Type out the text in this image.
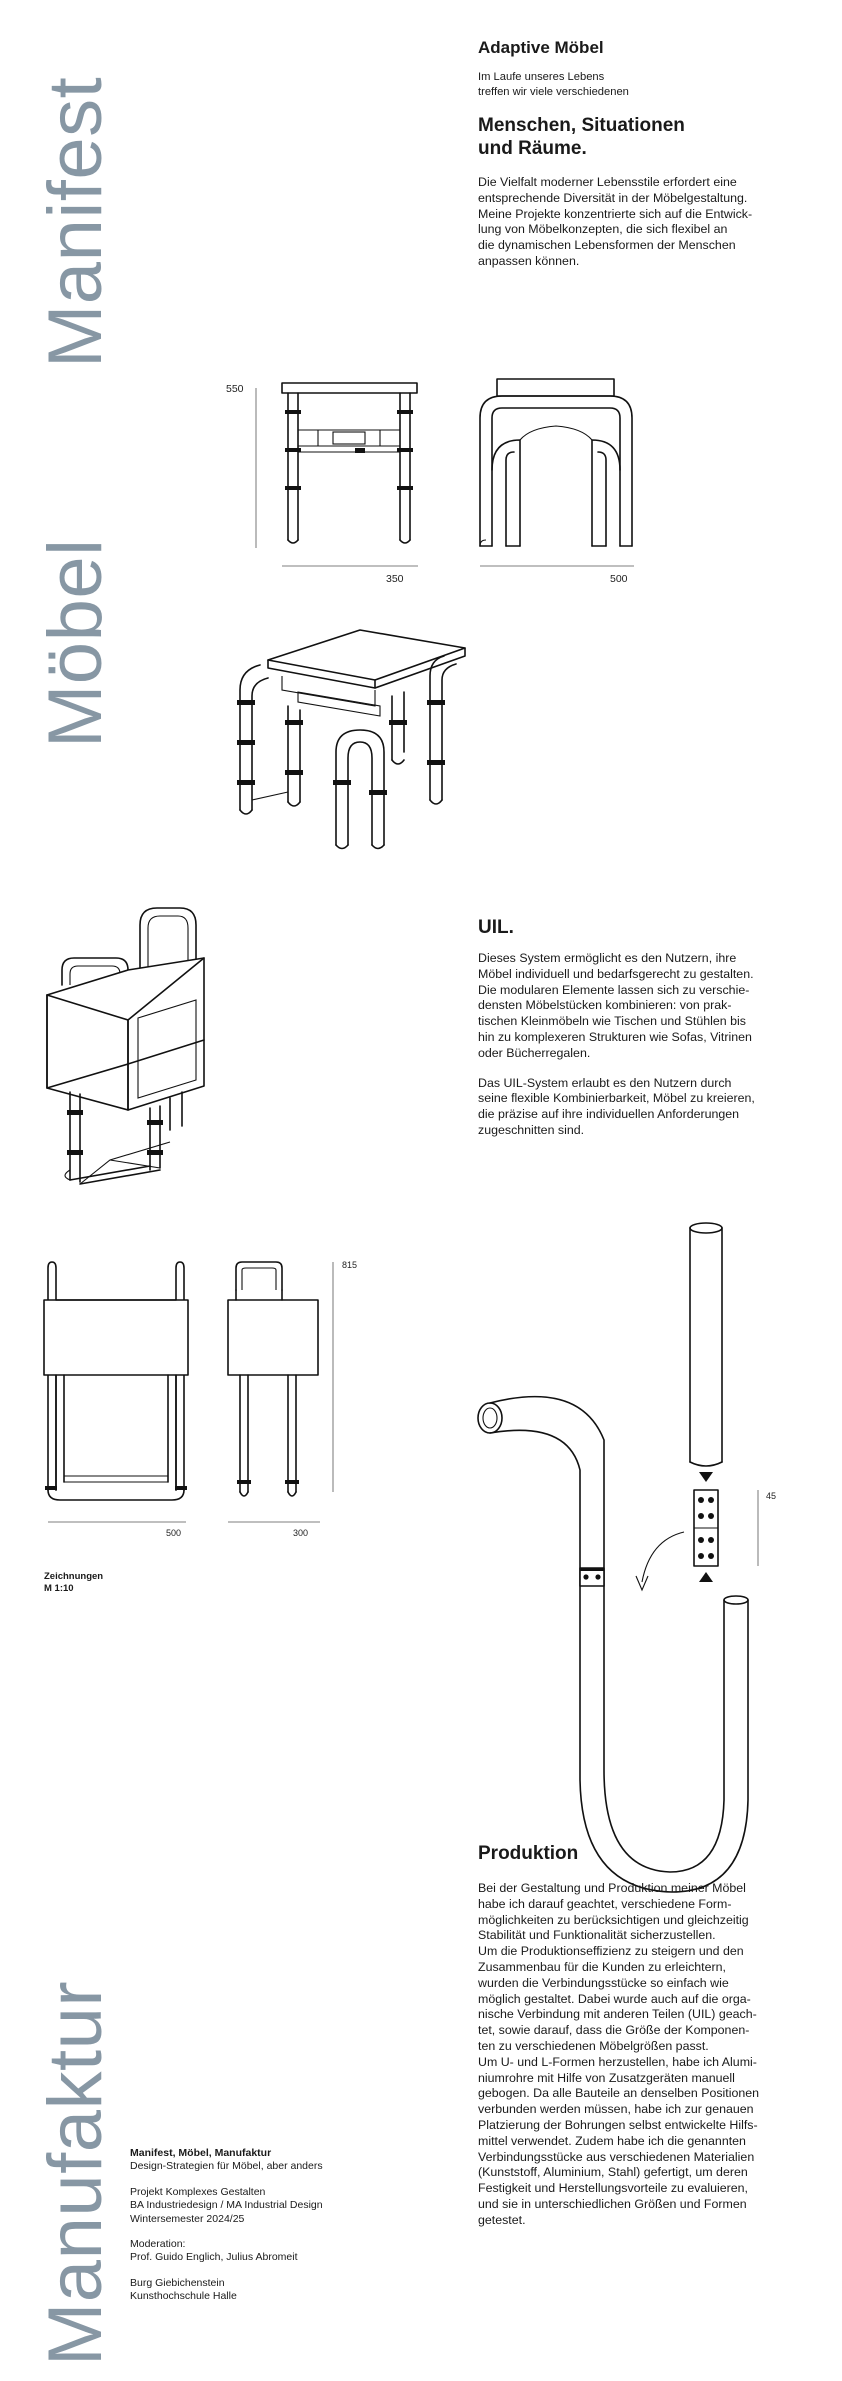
Manifest
Möbel
Manufaktur
Adaptive Möbel
Im Laufe unseres Lebens
treffen wir viele verschiedenen
Menschen, Situationen
und Räume.
Die Vielfalt moderner Lebensstile erfordert eine
entsprechende Diversität in der Möbelgestaltung.
Meine Projekte konzentrierte sich auf die Entwick-
lung von Möbelkonzepten, die sich flexibel an
die dynamischen Lebensformen der Menschen
anpassen können.
550
350	500
UIL.
Dieses System ermöglicht es den Nutzern, ihre
Möbel individuell und bedarfsgerecht zu gestalten.
Die modularen Elemente lassen sich zu verschie-
densten Möbelstücken kombinieren: von prak-
tischen Kleinmöbeln wie Tischen und Stühlen bis
hin zu komplexeren Strukturen wie Sofas, Vitrinen
oder Bücherregalen.
Das UIL-System erlaubt es den Nutzern durch
seine flexible Kombinierbarkeit, Möbel zu kreieren,
die präzise auf ihre individuellen Anforderungen
zugeschnitten sind.
815
500	300
Zeichnungen
M 1:10
45
Produktion
Bei der Gestaltung und Produktion meiner Möbel
habe ich darauf geachtet, verschiedene Form-
möglichkeiten zu berücksichtigen und gleichzeitig
Stabilität und Funktionalität sicherzustellen.
Um die Produktionseffizienz zu steigern und den
Zusammenbau für die Kunden zu erleichtern,
wurden die Verbindungsstücke so einfach wie
möglich gestaltet. Dabei wurde auch auf die orga-
nische Verbindung mit anderen Teilen (UIL) geach-
tet, sowie darauf, dass die Größe der Komponen-
ten zu verschiedenen Möbelgrößen passt.
Um U- und L-Formen herzustellen, habe ich Alumi-
niumrohre mit Hilfe von Zusatzgeräten manuell
gebogen. Da alle Bauteile an denselben Positionen
verbunden werden müssen, habe ich zur genauen
Platzierung der Bohrungen selbst entwickelte Hilfs-
mittel verwendet. Zudem habe ich die genannten
Verbindungsstücke aus verschiedenen Materialien
(Kunststoff, Aluminium, Stahl) gefertigt, um deren
Festigkeit und Herstellungsvorteile zu evaluieren,
und sie in unterschiedlichen Größen und Formen
getestet.
Manifest, Möbel, Manufaktur
Design-Strategien für Möbel, aber anders
Projekt Komplexes Gestalten
BA Industriedesign / MA Industrial Design
Wintersemester 2024/25
Moderation:
Prof. Guido Englich, Julius Abromeit
Burg Giebichenstein
Kunsthochschule Halle
